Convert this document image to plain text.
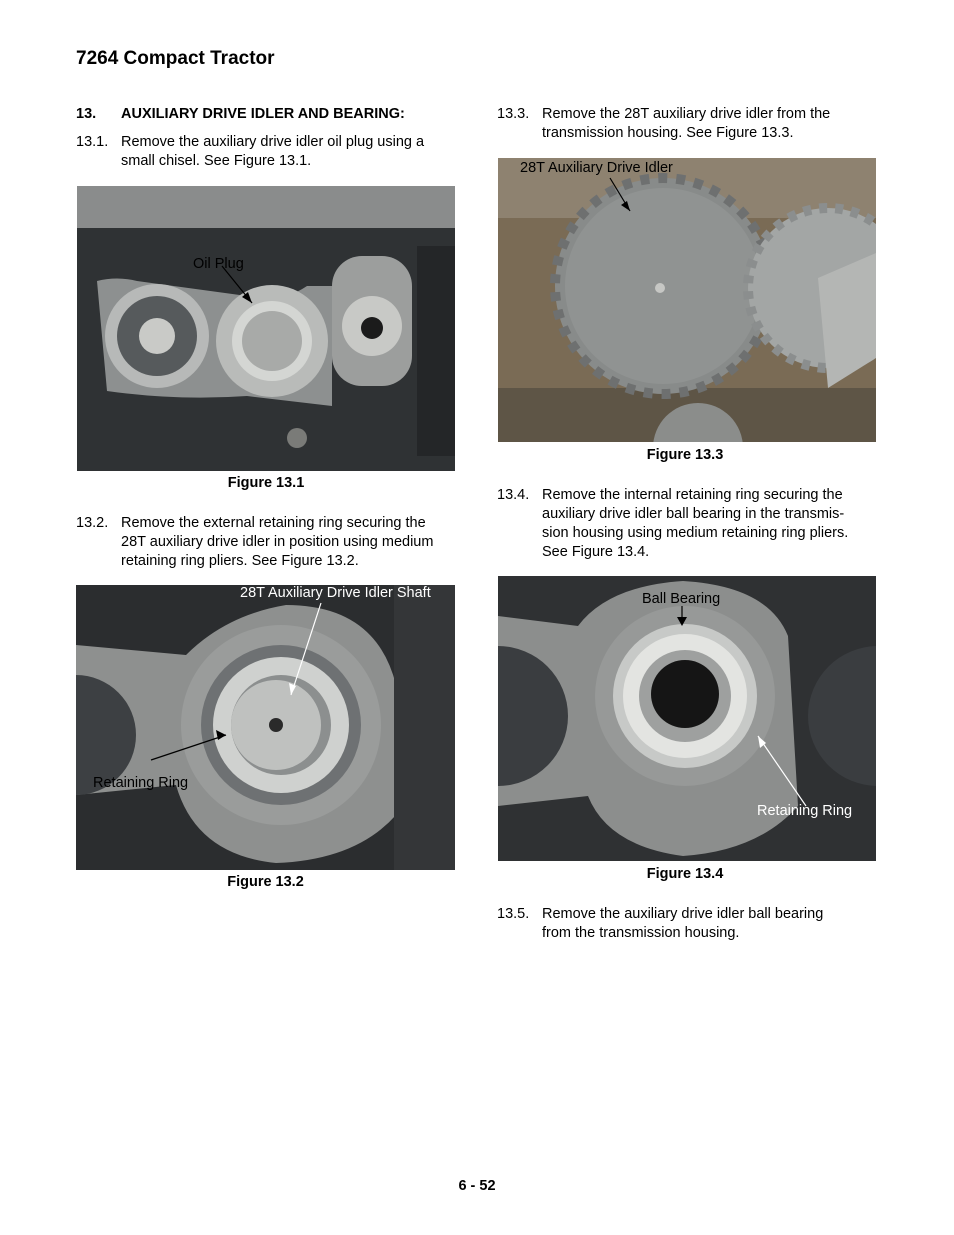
7264 Compact Tractor
13. AUXILIARY DRIVE IDLER AND BEARING:
13.1. Remove the auxiliary drive idler oil plug using a
small chisel. See Figure 13.1.
Oil Plug
Figure 13.1
13.2. Remove the external retaining ring securing the
28T auxiliary drive idler in position using medium
retaining ring pliers. See Figure 13.2.
28T Auxiliary Drive Idler Shaft
Retaining Ring
Figure 13.2
13.3. Remove the 28T auxiliary drive idler from the
transmission housing. See Figure 13.3.
28T Auxiliary Drive Idler
Figure 13.3
13.4. Remove the internal retaining ring securing the
auxiliary drive idler ball bearing in the transmis-
sion housing using medium retaining ring pliers.
See Figure 13.4.
Ball Bearing
Retaining Ring
Figure 13.4
13.5. Remove the auxiliary drive idler ball bearing
from the transmission housing.
6 - 52
